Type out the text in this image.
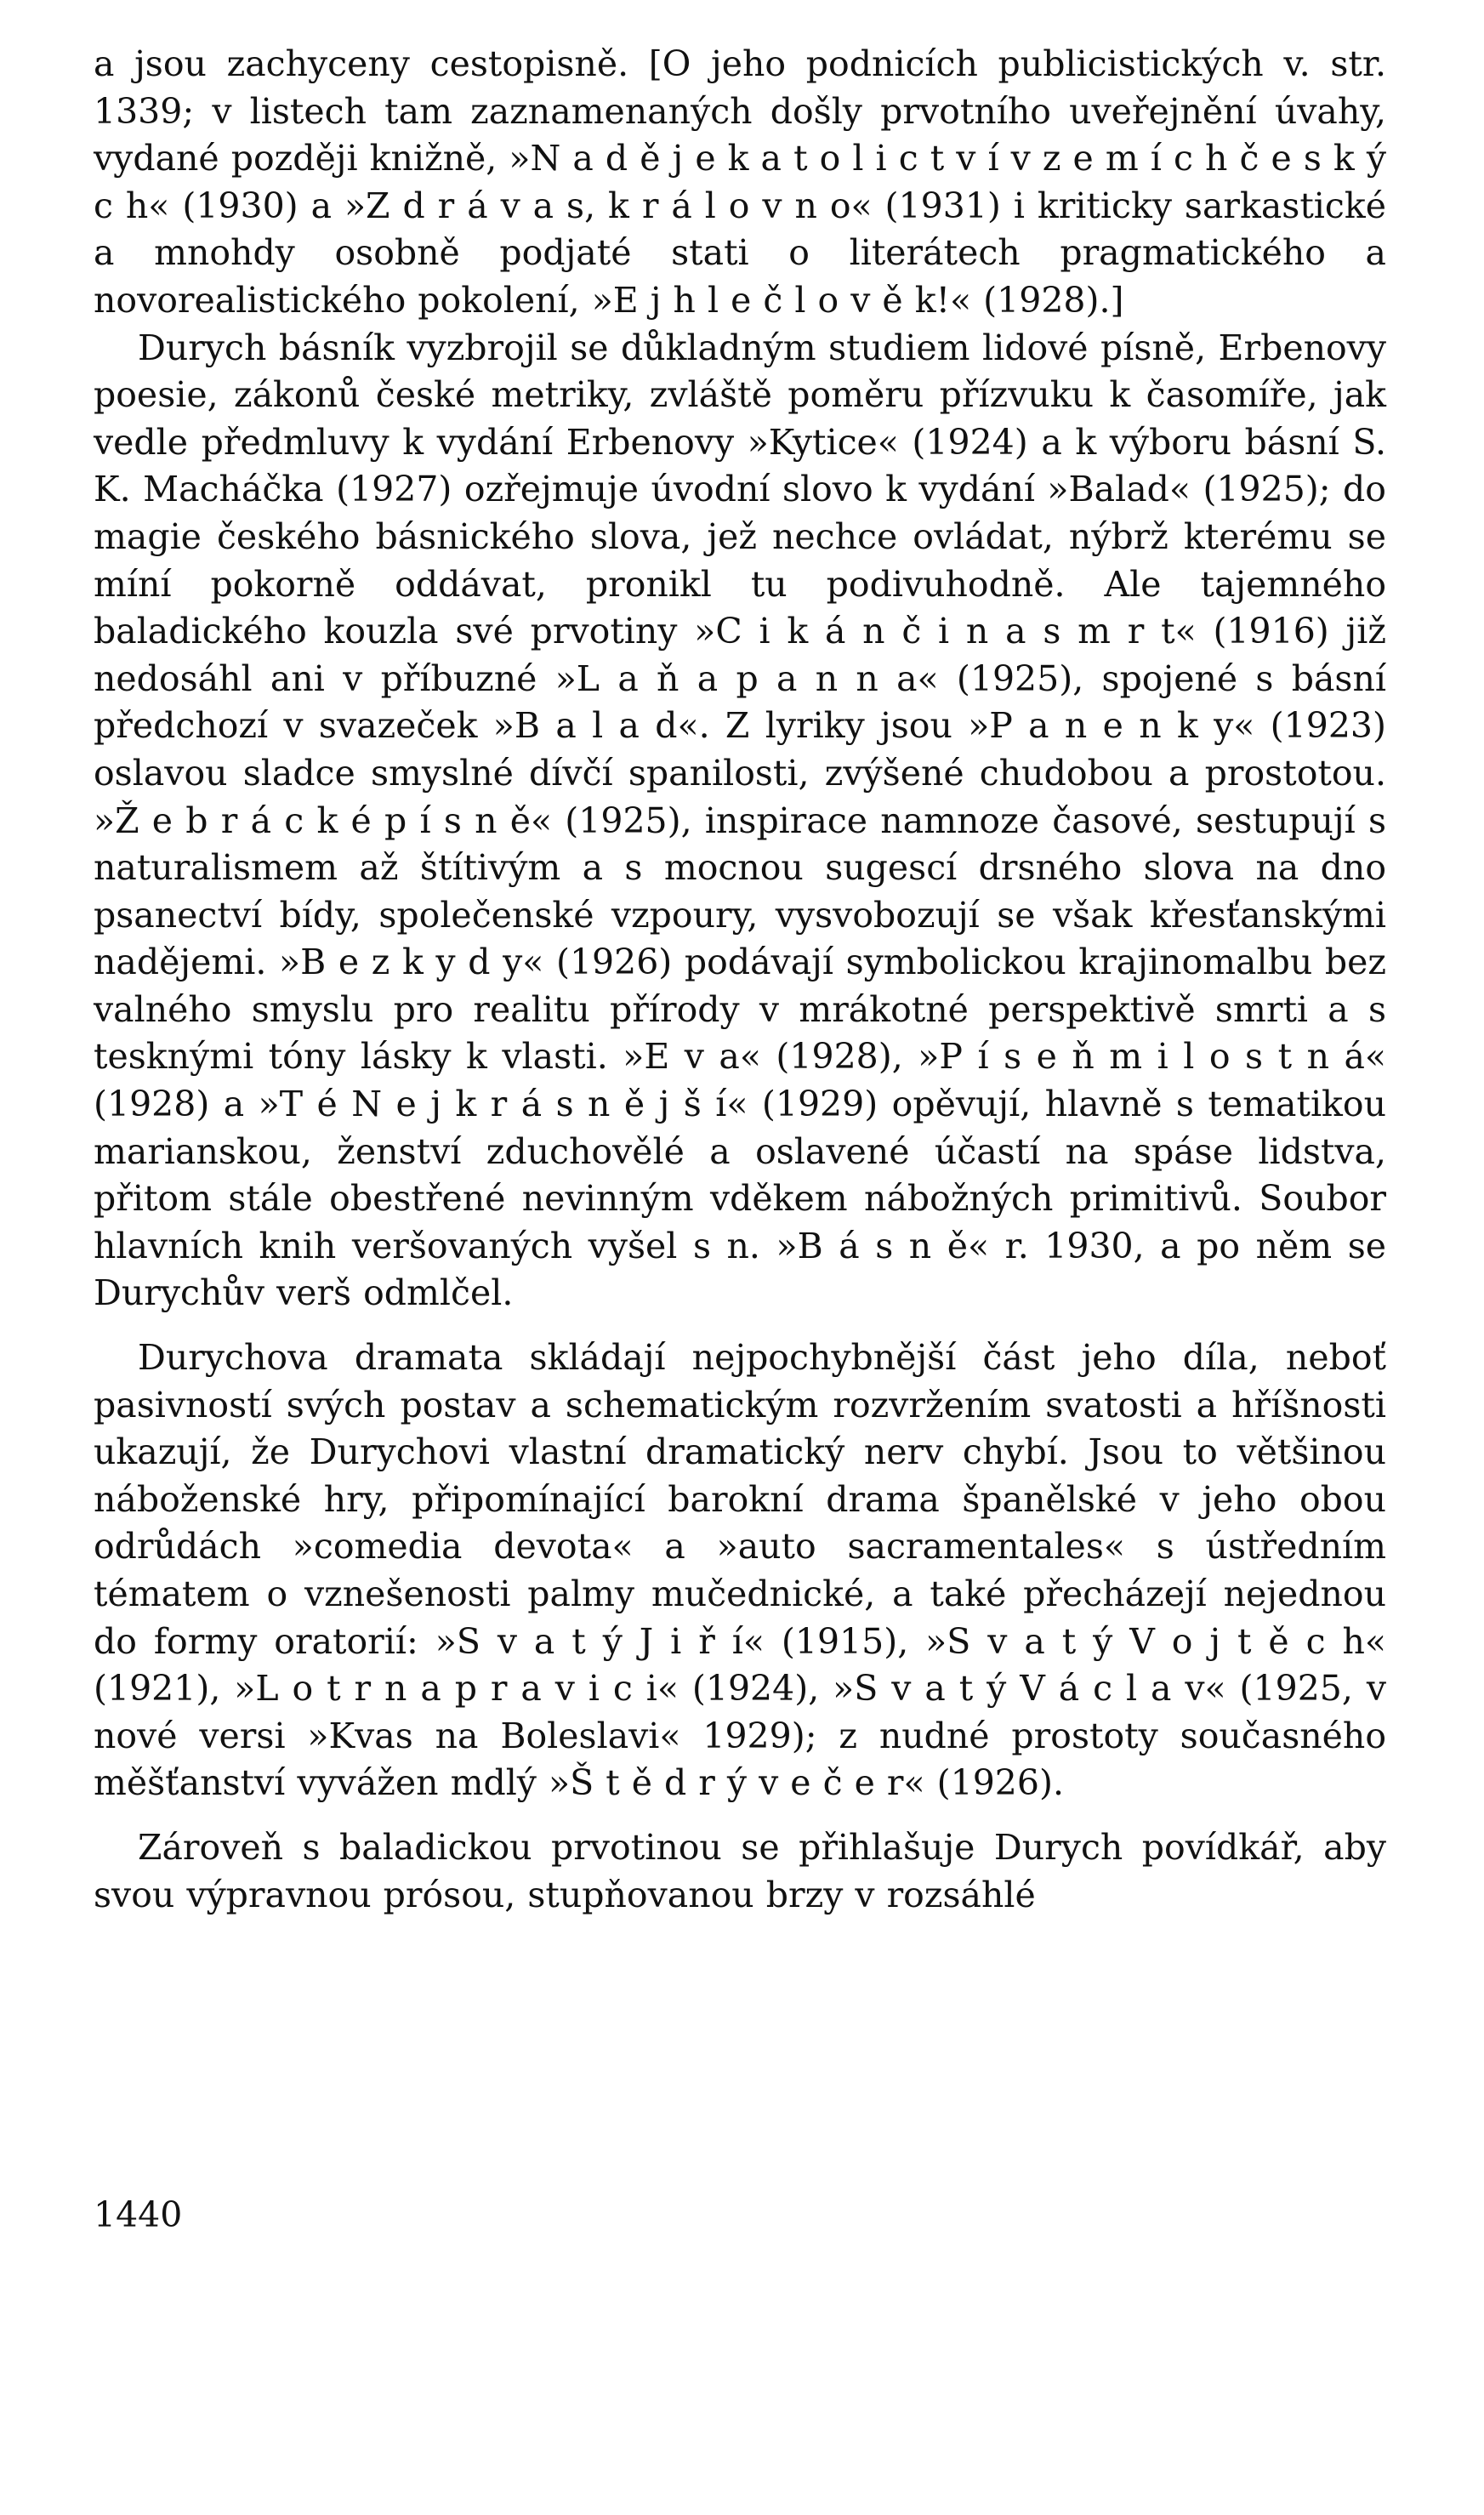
a jsou zachyceny cestopisně. [O jeho podnicích publicistických v. str. 1339; v listech tam zaznamenaných došly prvotního uveřejnění úvahy, vydané později knižně, »N a d ě j e k a t o l i c t v í v z e m í c h č e s k ý c h« (1930) a »Z d r á v a s, k r á l o v n o« (1931) i kriticky sarkastické a mnohdy osobně podjaté stati o literátech pragmatického a novorealistického pokolení, »E j h l e č l o v ě k!« (1928).]

Durych básník vyzbrojil se důkladným studiem lidové písně, Erbenovy poesie, zákonů české metriky, zvláště poměru přízvuku k časomíře, jak vedle předmluvy k vydání Erbenovy »Kytice« (1924) a k výboru básní S. K. Macháčka (1927) ozřejmuje úvodní slovo k vydání »Balad« (1925); do magie českého básnického slova, jež nechce ovládat, nýbrž kterému se míní pokorně oddávat, pronikl tu podivuhodně. Ale tajemného baladického kouzla své prvotiny »C i k á n č i n a s m r t« (1916) již nedosáhl ani v příbuzné »L a ň a p a n n a« (1925), spojené s básní předchozí v svazeček »B a l a d«. Z lyriky jsou »P a n e n k y« (1923) oslavou sladce smyslné dívčí spanilosti, zvýšené chudobou a prostotou. »Ž e b r á c k é p í s n ě« (1925), inspirace namnoze časové, sestupují s naturalismem až štítivým a s mocnou sugescí drsného slova na dno psanectví bídy, společenské vzpoury, vysvobozují se však křesťanskými nadějemi. »B e z k y d y« (1926) podávají symbolickou krajinomalbu bez valného smyslu pro realitu přírody v mrákotné perspektivě smrti a s tesknými tóny lásky k vlasti. »E v a« (1928), »P í s e ň m i l o s t n á« (1928) a »T é N e j k r á s n ě j š í« (1929) opěvují, hlavně s tematikou marianskou, ženství zduchovělé a oslavené účastí na spáse lidstva, přitom stále obestřené nevinným vděkem nábožných primitivů. Soubor hlavních knih veršovaných vyšel s n. »B á s n ě« r. 1930, a po něm se Durychův verš odmlčel.

Durychova dramata skládají nejpochybnější část jeho díla, neboť pasivností svých postav a schematickým rozvržením svatosti a hříšnosti ukazují, že Durychovi vlastní dramatický nerv chybí. Jsou to většinou náboženské hry, připomínající barokní drama španělské v jeho obou odrůdách »comedia devota« a »auto sacramentales« s ústředním tématem o vznešenosti palmy mučednické, a také přecházejí nejednou do formy oratorií: »S v a t ý J i ř í« (1915), »S v a t ý V o j t ě c h« (1921), »L o t r n a p r a v i c i« (1924), »S v a t ý V á c l a v« (1925, v nové versi »Kvas na Boleslavi« 1929); z nudné prostoty současného měšťanství vyvážen mdlý »Š t ě d r ý v e č e r« (1926).

Zároveň s baladickou prvotinou se přihlašuje Durych povídkář, aby svou výpravnou prósou, stupňovanou brzy v rozsáhlé

1440
